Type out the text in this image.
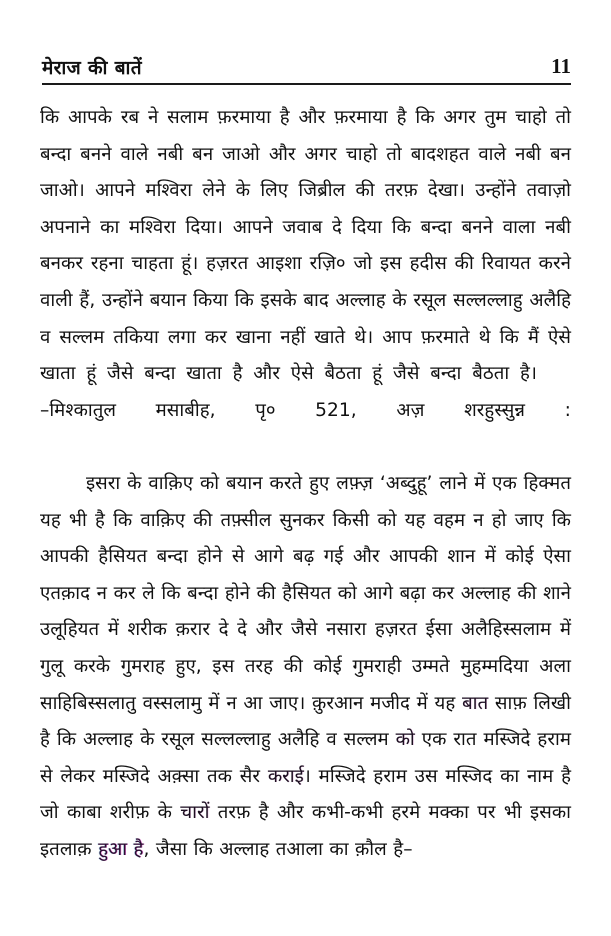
मेराज की बातें	11

कि आपके रब ने सलाम फ़रमाया है और फ़रमाया है कि अगर तुम चाहो तो बन्दा बनने वाले नबी बन जाओ और अगर चाहो तो बादशहत वाले नबी बन जाओ। आपने मश्विरा लेने के लिए जिब्रील की तरफ़ देखा। उन्होंने तवाज़ो अपनाने का मश्विरा दिया। आपने जवाब दे दिया कि बन्दा बनने वाला नबी बनकर रहना चाहता हूं। हज़रत आइशा रज़ि० जो इस हदीस की रिवायत करने वाली हैं, उन्होंने बयान किया कि इसके बाद अल्लाह के रसूल सल्लल्लाहु अलैहि व सल्लम तकिया लगा कर खाना नहीं खाते थे। आप फ़रमाते थे कि मैं ऐसे खाता हूं जैसे बन्दा खाता है और ऐसे बैठता हूं जैसे बन्दा बैठता है।–मिश्कातुल मसाबीह, पृ० 521, अज़ शरहुस्सुन्न :

इसरा के वाक़िए को बयान करते हुए लफ़्ज़ ‘अब्दुहू’ लाने में एक हिक्मत यह भी है कि वाक़िए की तफ़्सील सुनकर किसी को यह वहम न हो जाए कि आपकी हैसियत बन्दा होने से आगे बढ़ गई और आपकी शान में कोई ऐसा एतक़ाद न कर ले कि बन्दा होने की हैसियत को आगे बढ़ा कर अल्लाह की शाने उलूहियत में शरीक क़रार दे दे और जैसे नसारा हज़रत ईसा अलैहिस्सलाम में गुलू करके गुमराह हुए, इस तरह की कोई गुमराही उम्मते मुहम्मदिया अला साहिबिस्सलातु वस्सलामु में न आ जाए। क़ुरआन मजीद में यह बात साफ़ लिखी है कि अल्लाह के रसूल सल्लल्लाहु अलैहि व सल्लम को एक रात मस्जिदे हराम से लेकर मस्जिदे अक़्सा तक सैर कराई। मस्जिदे हराम उस मस्जिद का नाम है जो काबा शरीफ़ के चारों तरफ़ है और कभी-कभी हरमे मक्का पर भी इसका इतलाक़ हुआ है, जैसा कि अल्लाह तआला का क़ौल है–
